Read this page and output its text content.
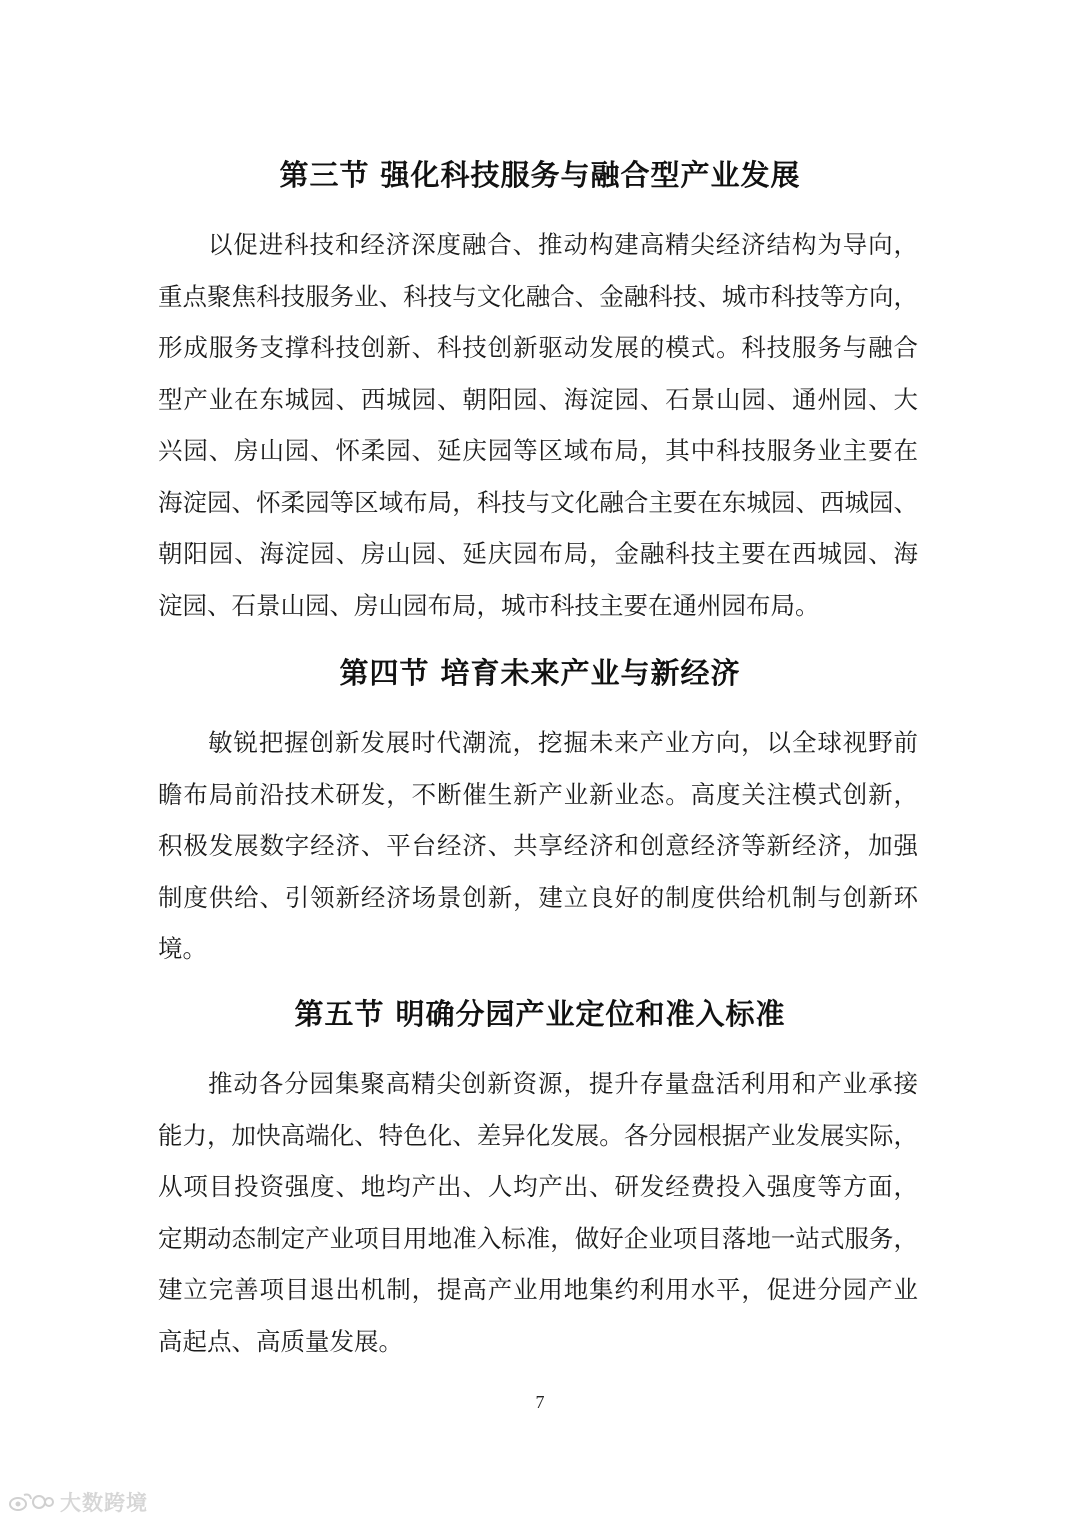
第三节 强化科技服务与融合型产业发展
以促进科技和经济深度融合、推动构建高精尖经济结构为导向，
重点聚焦科技服务业、科技与文化融合、金融科技、城市科技等方向，
形成服务支撑科技创新、科技创新驱动发展的模式。科技服务与融合
型产业在东城园、西城园、朝阳园、海淀园、石景山园、通州园、大
兴园、房山园、怀柔园、延庆园等区域布局，其中科技服务业主要在
海淀园、怀柔园等区域布局，科技与文化融合主要在东城园、西城园、
朝阳园、海淀园、房山园、延庆园布局，金融科技主要在西城园、海
淀园、石景山园、房山园布局，城市科技主要在通州园布局。
第四节 培育未来产业与新经济
敏锐把握创新发展时代潮流，挖掘未来产业方向，以全球视野前
瞻布局前沿技术研发，不断催生新产业新业态。高度关注模式创新，
积极发展数字经济、平台经济、共享经济和创意经济等新经济，加强
制度供给、引领新经济场景创新，建立良好的制度供给机制与创新环
境。
第五节 明确分园产业定位和准入标准
推动各分园集聚高精尖创新资源，提升存量盘活利用和产业承接
能力，加快高端化、特色化、差异化发展。各分园根据产业发展实际，
从项目投资强度、地均产出、人均产出、研发经费投入强度等方面，
定期动态制定产业项目用地准入标准，做好企业项目落地一站式服务，
建立完善项目退出机制，提高产业用地集约利用水平，促进分园产业
高起点、高质量发展。
7
大数跨境
